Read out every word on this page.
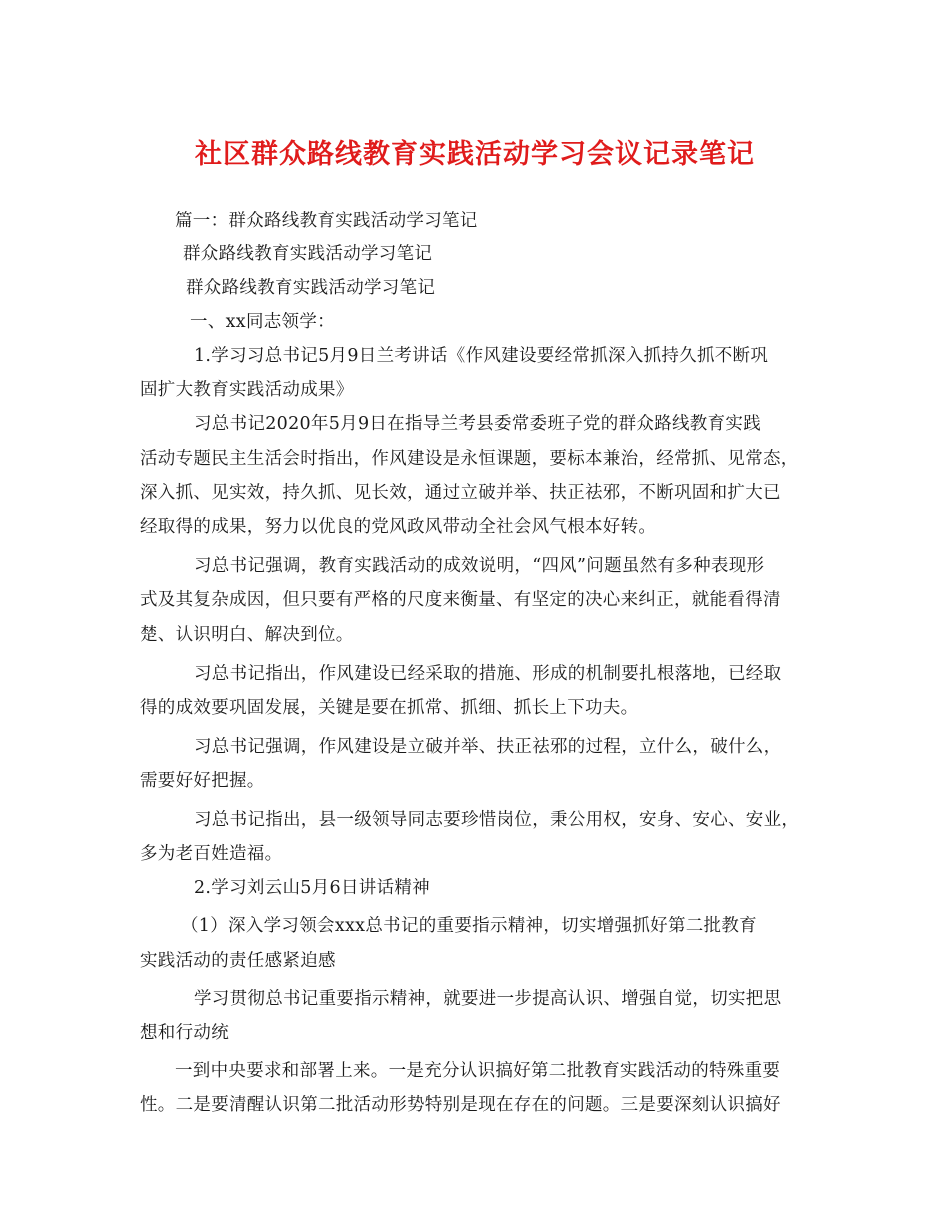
社区群众路线教育实践活动学习会议记录笔记

篇一：群众路线教育实践活动学习笔记

群众路线教育实践活动学习笔记

群众路线教育实践活动学习笔记

一、xx同志领学：

1.学习习总书记5月9日兰考讲话《作风建设要经常抓深入抓持久抓不断巩

固扩大教育实践活动成果》

习总书记2020年5月9日在指导兰考县委常委班子党的群众路线教育实践

活动专题民主生活会时指出，作风建设是永恒课题，要标本兼治，经常抓、见常态，

深入抓、见实效，持久抓、见长效，通过立破并举、扶正祛邪，不断巩固和扩大已

经取得的成果，努力以优良的党风政风带动全社会风气根本好转。

习总书记强调，教育实践活动的成效说明，“四风”问题虽然有多种表现形

式及其复杂成因，但只要有严格的尺度来衡量、有坚定的决心来纠正，就能看得清

楚、认识明白、解决到位。

习总书记指出，作风建设已经采取的措施、形成的机制要扎根落地，已经取

得的成效要巩固发展，关键是要在抓常、抓细、抓长上下功夫。

习总书记强调，作风建设是立破并举、扶正祛邪的过程，立什么，破什么，

需要好好把握。

习总书记指出，县一级领导同志要珍惜岗位，秉公用权，安身、安心、安业，

多为老百姓造福。

2.学习刘云山5月6日讲话精神

（1）深入学习领会xxx总书记的重要指示精神，切实增强抓好第二批教育

实践活动的责任感紧迫感

学习贯彻总书记重要指示精神，就要进一步提高认识、增强自觉，切实把思

想和行动统

一到中央要求和部署上来。一是充分认识搞好第二批教育实践活动的特殊重要

性。二是要清醒认识第二批活动形势特别是现在存在的问题。三是要深刻认识搞好
